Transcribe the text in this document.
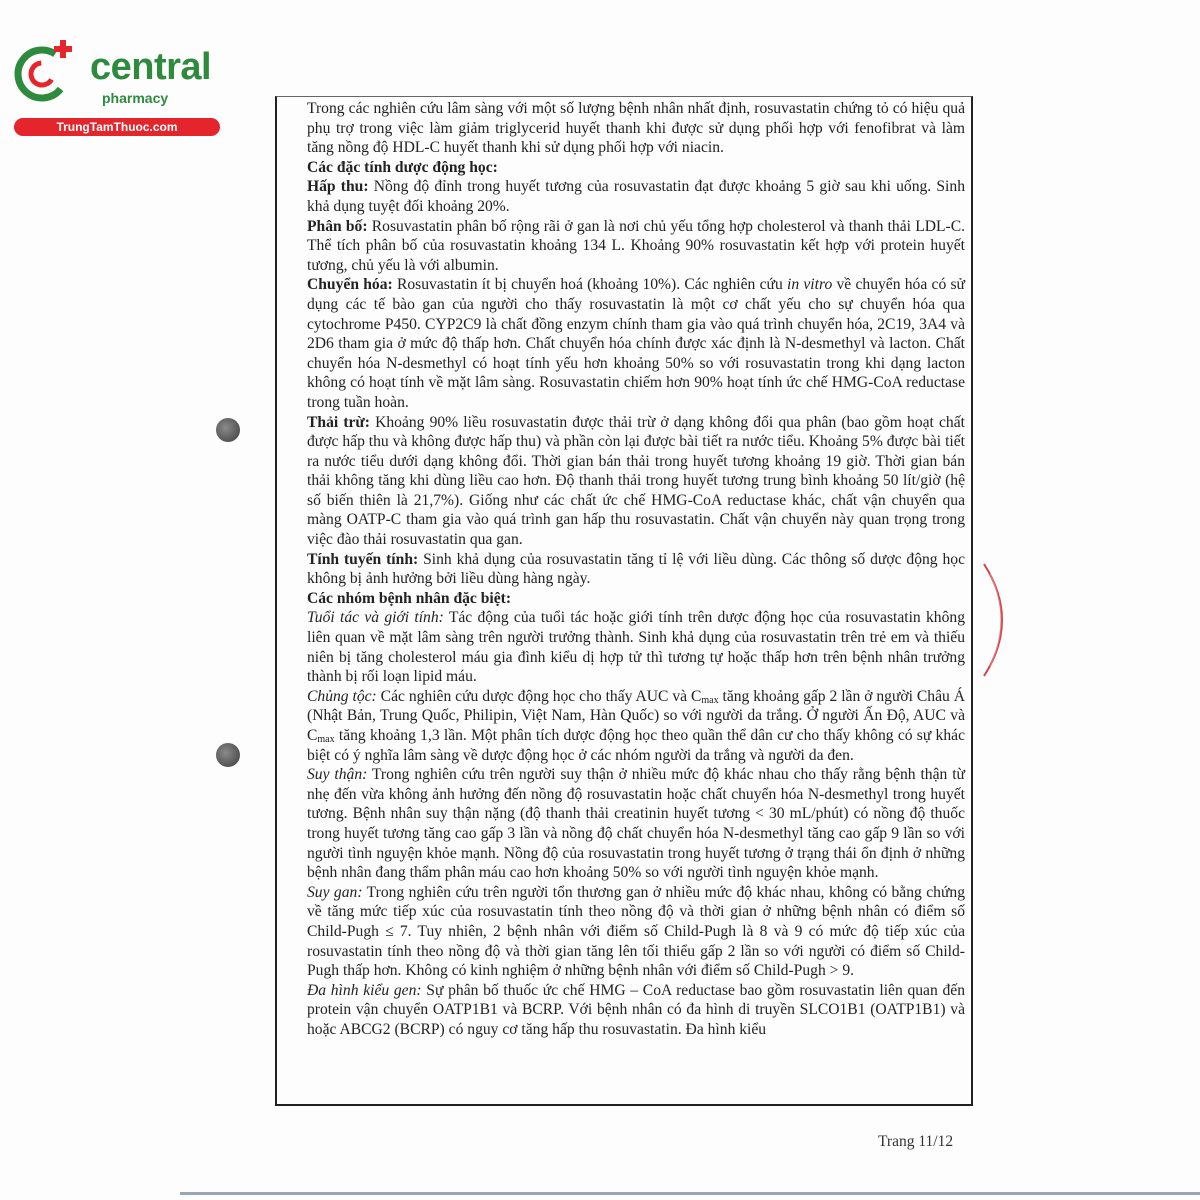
central
pharmacy
TrungTamThuoc.com

Trong các nghiên cứu lâm sàng với một số lượng bệnh nhân nhất định, rosuvastatin chứng tỏ có hiệu quả phụ trợ trong việc làm giảm triglycerid huyết thanh khi được sử dụng phối hợp với fenofibrat và làm tăng nồng độ HDL-C huyết thanh khi sử dụng phối hợp với niacin.

Các đặc tính dược động học:

Hấp thu: Nồng độ đỉnh trong huyết tương của rosuvastatin đạt được khoảng 5 giờ sau khi uống. Sinh khả dụng tuyệt đối khoảng 20%.

Phân bố: Rosuvastatin phân bố rộng rãi ở gan là nơi chủ yếu tổng hợp cholesterol và thanh thải LDL-C. Thể tích phân bố của rosuvastatin khoảng 134 L. Khoảng 90% rosuvastatin kết hợp với protein huyết tương, chủ yếu là với albumin.

Chuyển hóa: Rosuvastatin ít bị chuyển hoá (khoảng 10%). Các nghiên cứu in vitro về chuyển hóa có sử dụng các tế bào gan của người cho thấy rosuvastatin là một cơ chất yếu cho sự chuyển hóa qua cytochrome P450. CYP2C9 là chất đồng enzym chính tham gia vào quá trình chuyển hóa, 2C19, 3A4 và 2D6 tham gia ở mức độ thấp hơn. Chất chuyển hóa chính được xác định là N-desmethyl và lacton. Chất chuyển hóa N-desmethyl có hoạt tính yếu hơn khoảng 50% so với rosuvastatin trong khi dạng lacton không có hoạt tính về mặt lâm sàng. Rosuvastatin chiếm hơn 90% hoạt tính ức chế HMG-CoA reductase trong tuần hoàn.

Thải trừ: Khoảng 90% liều rosuvastatin được thải trừ ở dạng không đổi qua phân (bao gồm hoạt chất được hấp thu và không được hấp thu) và phần còn lại được bài tiết ra nước tiểu. Khoảng 5% được bài tiết ra nước tiểu dưới dạng không đổi. Thời gian bán thải trong huyết tương khoảng 19 giờ. Thời gian bán thải không tăng khi dùng liều cao hơn. Độ thanh thải trong huyết tương trung bình khoảng 50 lít/giờ (hệ số biến thiên là 21,7%). Giống như các chất ức chế HMG-CoA reductase khác, chất vận chuyển qua màng OATP-C tham gia vào quá trình gan hấp thu rosuvastatin. Chất vận chuyển này quan trọng trong việc đào thải rosuvastatin qua gan.

Tính tuyến tính: Sinh khả dụng của rosuvastatin tăng tỉ lệ với liều dùng. Các thông số dược động học không bị ảnh hưởng bởi liều dùng hàng ngày.

Các nhóm bệnh nhân đặc biệt:

Tuổi tác và giới tính: Tác động của tuổi tác hoặc giới tính trên dược động học của rosuvastatin không liên quan về mặt lâm sàng trên người trưởng thành. Sinh khả dụng của rosuvastatin trên trẻ em và thiếu niên bị tăng cholesterol máu gia đình kiểu dị hợp tử thì tương tự hoặc thấp hơn trên bệnh nhân trưởng thành bị rối loạn lipid máu.

Chủng tộc: Các nghiên cứu dược động học cho thấy AUC và $C_{max}$ tăng khoảng gấp 2 lần ở người Châu Á (Nhật Bản, Trung Quốc, Philipin, Việt Nam, Hàn Quốc) so với người da trắng. Ở người Ấn Độ, AUC và $C_{max}$ tăng khoảng 1,3 lần. Một phân tích dược động học theo quần thể dân cư cho thấy không có sự khác biệt có ý nghĩa lâm sàng về dược động học ở các nhóm người da trắng và người da đen.

Suy thận: Trong nghiên cứu trên người suy thận ở nhiều mức độ khác nhau cho thấy rằng bệnh thận từ nhẹ đến vừa không ảnh hưởng đến nồng độ rosuvastatin hoặc chất chuyển hóa N-desmethyl trong huyết tương. Bệnh nhân suy thận nặng (độ thanh thải creatinin huyết tương < 30 mL/phút) có nồng độ thuốc trong huyết tương tăng cao gấp 3 lần và nồng độ chất chuyển hóa N-desmethyl tăng cao gấp 9 lần so với người tình nguyện khỏe mạnh. Nồng độ của rosuvastatin trong huyết tương ở trạng thái ổn định ở những bệnh nhân đang thẩm phân máu cao hơn khoảng 50% so với người tình nguyện khỏe mạnh.

Suy gan: Trong nghiên cứu trên người tổn thương gan ở nhiều mức độ khác nhau, không có bằng chứng về tăng mức tiếp xúc của rosuvastatin tính theo nồng độ và thời gian ở những bệnh nhân có điểm số Child-Pugh ≤ 7. Tuy nhiên, 2 bệnh nhân với điểm số Child-Pugh là 8 và 9 có mức độ tiếp xúc của rosuvastatin tính theo nồng độ và thời gian tăng lên tối thiểu gấp 2 lần so với người có điểm số Child-Pugh thấp hơn. Không có kinh nghiệm ở những bệnh nhân với điểm số Child-Pugh > 9.

Đa hình kiểu gen: Sự phân bố thuốc ức chế HMG – CoA reductase bao gồm rosuvastatin liên quan đến protein vận chuyển OATP1B1 và BCRP. Với bệnh nhân có đa hình di truyền SLCO1B1 (OATP1B1) và hoặc ABCG2 (BCRP) có nguy cơ tăng hấp thu rosuvastatin. Đa hình kiểu

Trang 11/12
